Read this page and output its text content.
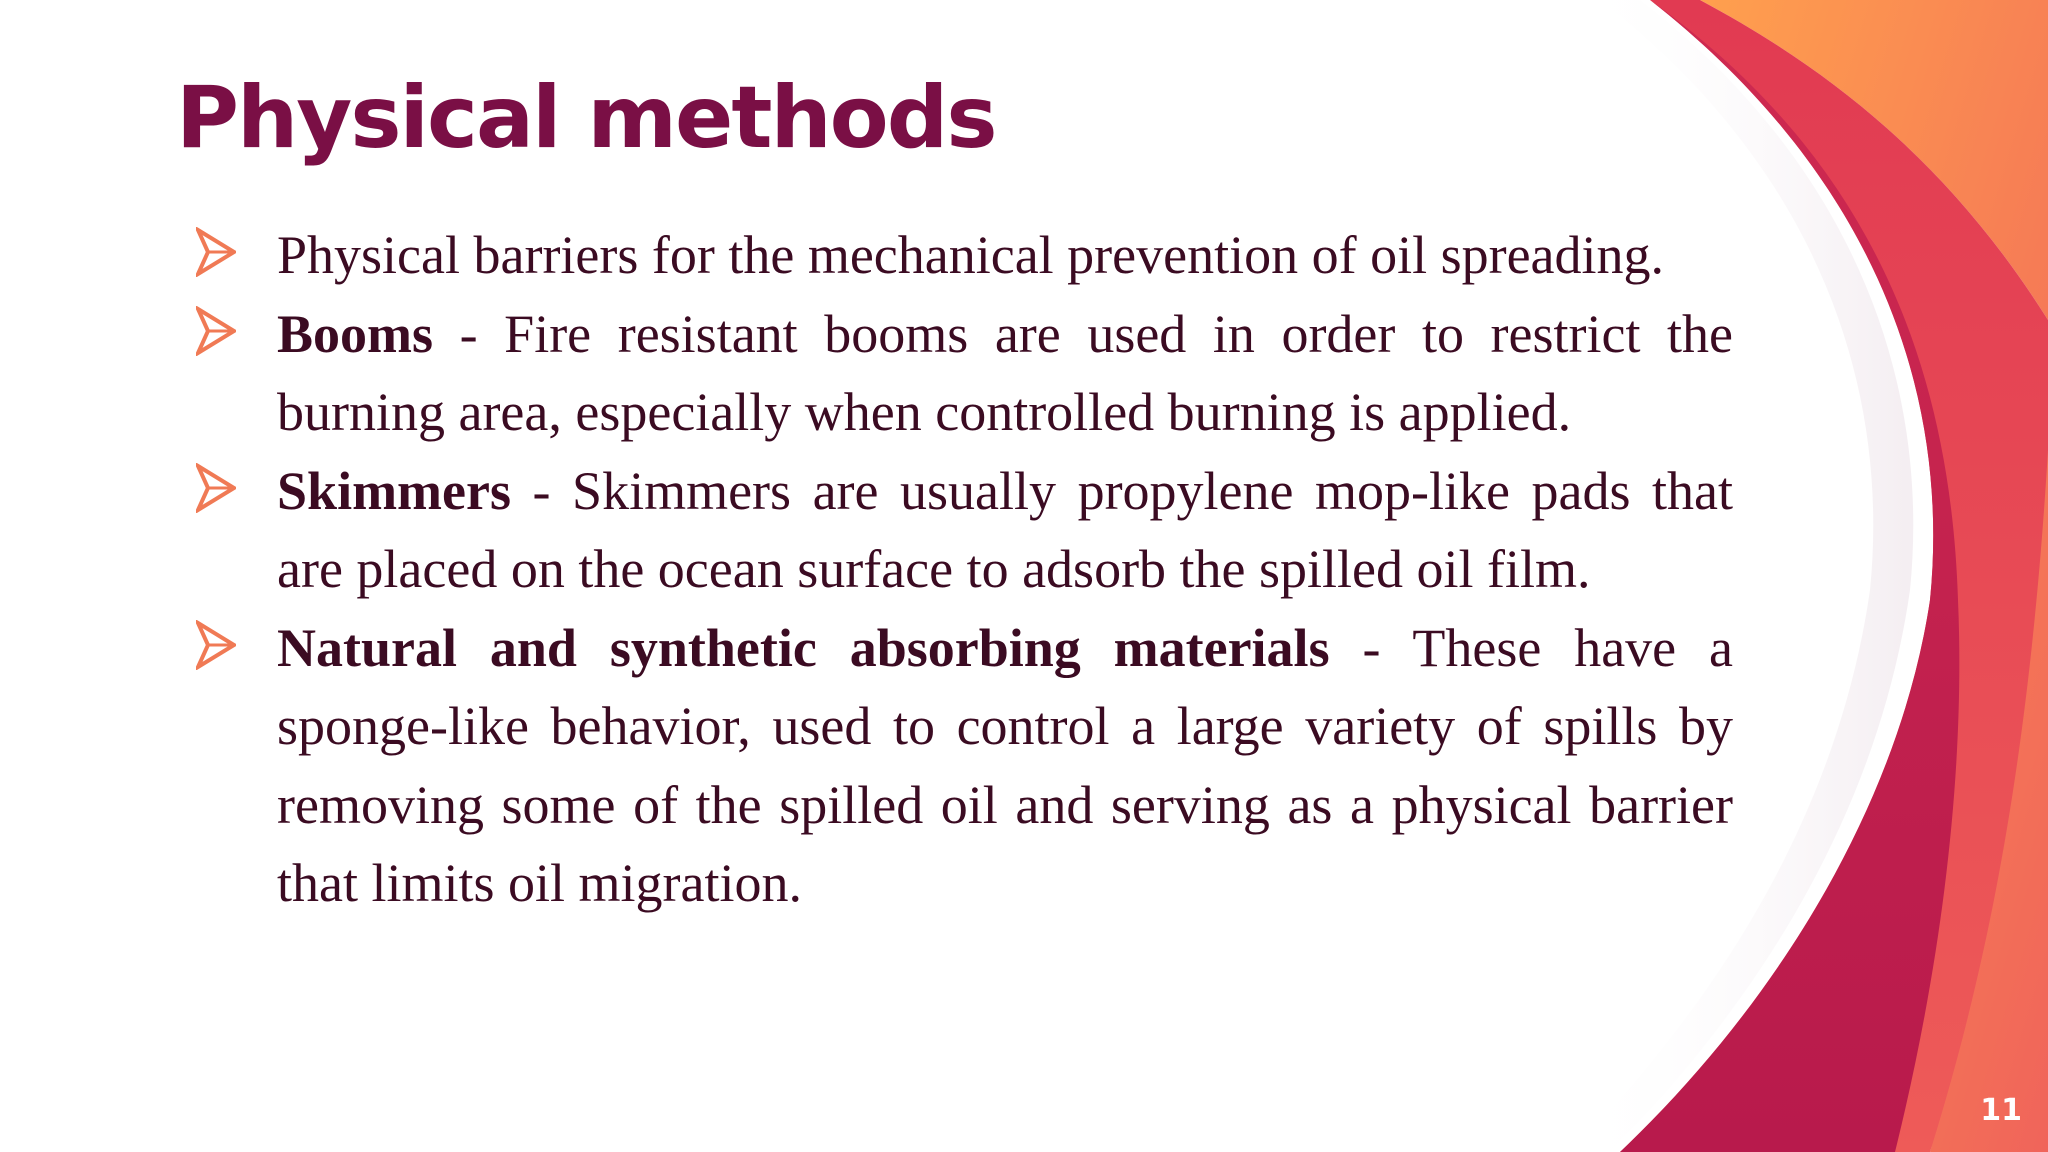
Physical methods
Physical barriers for the mechanical prevention of oil spreading.
Booms - Fire resistant booms are used in order to restrict the burning area, especially when controlled burning is applied.
Skimmers - Skimmers are usually propylene mop-like pads that are placed on the ocean surface to adsorb the spilled oil film.
Natural and synthetic absorbing materials - These have a sponge-like behavior, used to control a large variety of spills by removing some of the spilled oil and serving as a physical barrier that limits oil migration.
11
